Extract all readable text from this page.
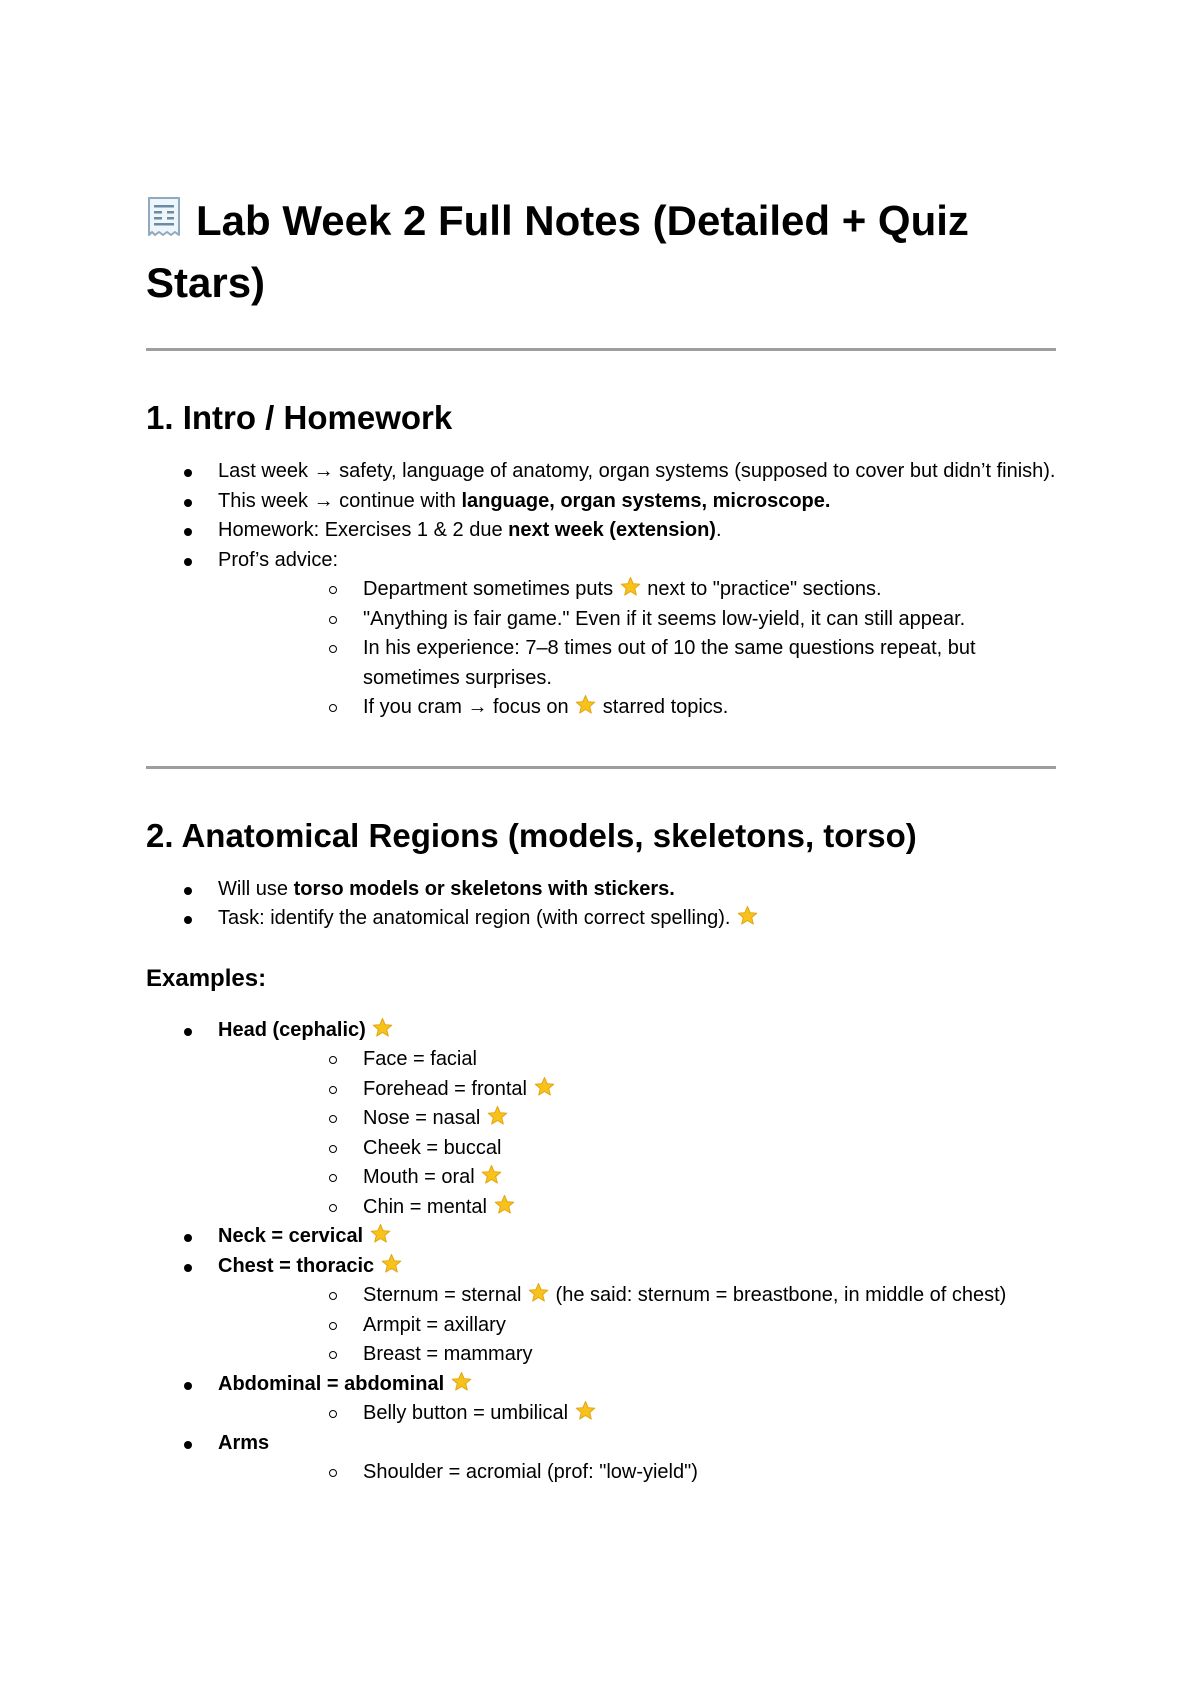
Lab Week 2 Full Notes (Detailed + Quiz Stars)
1. Intro / Homework
Last week → safety, language of anatomy, organ systems (supposed to cover but didn’t finish).
This week → continue with language, organ systems, microscope.
Homework: Exercises 1 & 2 due next week (extension).
Prof’s advice:
Department sometimes puts  next to "practice" sections.
"Anything is fair game." Even if it seems low-yield, it can still appear.
In his experience: 7–8 times out of 10 the same questions repeat, but sometimes surprises.
If you cram → focus on  starred topics.
2. Anatomical Regions (models, skeletons, torso)
Will use torso models or skeletons with stickers.
Task: identify the anatomical region (with correct spelling).
Examples:
Head (cephalic)
Face = facial
Forehead = frontal
Nose = nasal
Cheek = buccal
Mouth = oral
Chin = mental
Neck = cervical
Chest = thoracic
Sternum = sternal  (he said: sternum = breastbone, in middle of chest)
Armpit = axillary
Breast = mammary
Abdominal = abdominal
Belly button = umbilical
Arms
Shoulder = acromial (prof: "low-yield")
